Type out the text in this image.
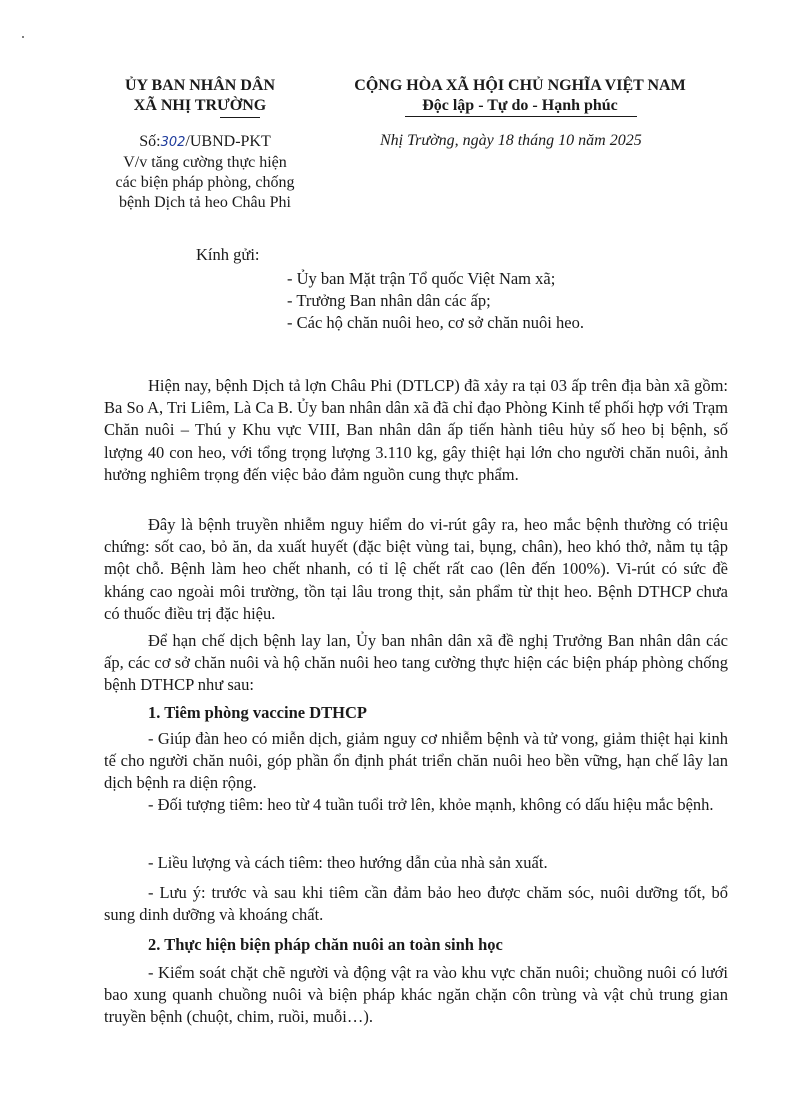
ỦY BAN NHÂN DÂN
XÃ NHỊ TRƯỜNG
CỘNG HÒA XÃ HỘI CHỦ NGHĨA VIỆT NAM
Độc lập - Tự do - Hạnh phúc
Số:302/UBND-PKT
V/v tăng cường thực hiện
các biện pháp phòng, chống
bệnh Dịch tả heo Châu Phi
Nhị Trường, ngày 18 tháng 10 năm 2025
Kính gửi:
- Ủy ban Mặt trận Tổ quốc Việt Nam xã;
- Trưởng Ban nhân dân các ấp;
- Các hộ chăn nuôi heo, cơ sở chăn nuôi heo.

Hiện nay, bệnh Dịch tả lợn Châu Phi (DTLCP) đã xảy ra tại 03 ấp trên địa bàn xã gồm: Ba So A, Tri Liêm, Là Ca B. Ủy ban nhân dân xã đã chỉ đạo Phòng Kinh tế phối hợp với Trạm Chăn nuôi – Thú y Khu vực VIII, Ban nhân dân ấp tiến hành tiêu hủy số heo bị bệnh, số lượng 40 con heo, với tổng trọng lượng 3.110 kg, gây thiệt hại lớn cho người chăn nuôi, ảnh hưởng nghiêm trọng đến việc bảo đảm nguồn cung thực phẩm.

Đây là bệnh truyền nhiễm nguy hiểm do vi-rút gây ra, heo mắc bệnh thường có triệu chứng: sốt cao, bỏ ăn, da xuất huyết (đặc biệt vùng tai, bụng, chân), heo khó thở, nằm tụ tập một chỗ. Bệnh làm heo chết nhanh, có tỉ lệ chết rất cao (lên đến 100%). Vi-rút có sức đề kháng cao ngoài môi trường, tồn tại lâu trong thịt, sản phẩm từ thịt heo. Bệnh DTHCP chưa có thuốc điều trị đặc hiệu.

Để hạn chế dịch bệnh lay lan, Ủy ban nhân dân xã đề nghị Trưởng Ban nhân dân các ấp, các cơ sở chăn nuôi và hộ chăn nuôi heo tang cường thực hiện các biện pháp phòng chống bệnh DTHCP như sau:

1. Tiêm phòng vaccine DTHCP

- Giúp đàn heo có miễn dịch, giảm nguy cơ nhiễm bệnh và tử vong, giảm thiệt hại kinh tế cho người chăn nuôi, góp phần ổn định phát triển chăn nuôi heo bền vững, hạn chế lây lan dịch bệnh ra diện rộng.

- Đối tượng tiêm: heo từ 4 tuần tuổi trở lên, khỏe mạnh, không có dấu hiệu mắc bệnh.

- Liều lượng và cách tiêm: theo hướng dẫn của nhà sản xuất.

- Lưu ý: trước và sau khi tiêm cần đảm bảo heo được chăm sóc, nuôi dưỡng tốt, bổ sung dinh dưỡng và khoáng chất.

2. Thực hiện biện pháp chăn nuôi an toàn sinh học

- Kiểm soát chặt chẽ người và động vật ra vào khu vực chăn nuôi; chuồng nuôi có lưới bao xung quanh chuồng nuôi và biện pháp khác ngăn chặn côn trùng và vật chủ trung gian truyền bệnh (chuột, chim, ruồi, muỗi…).
